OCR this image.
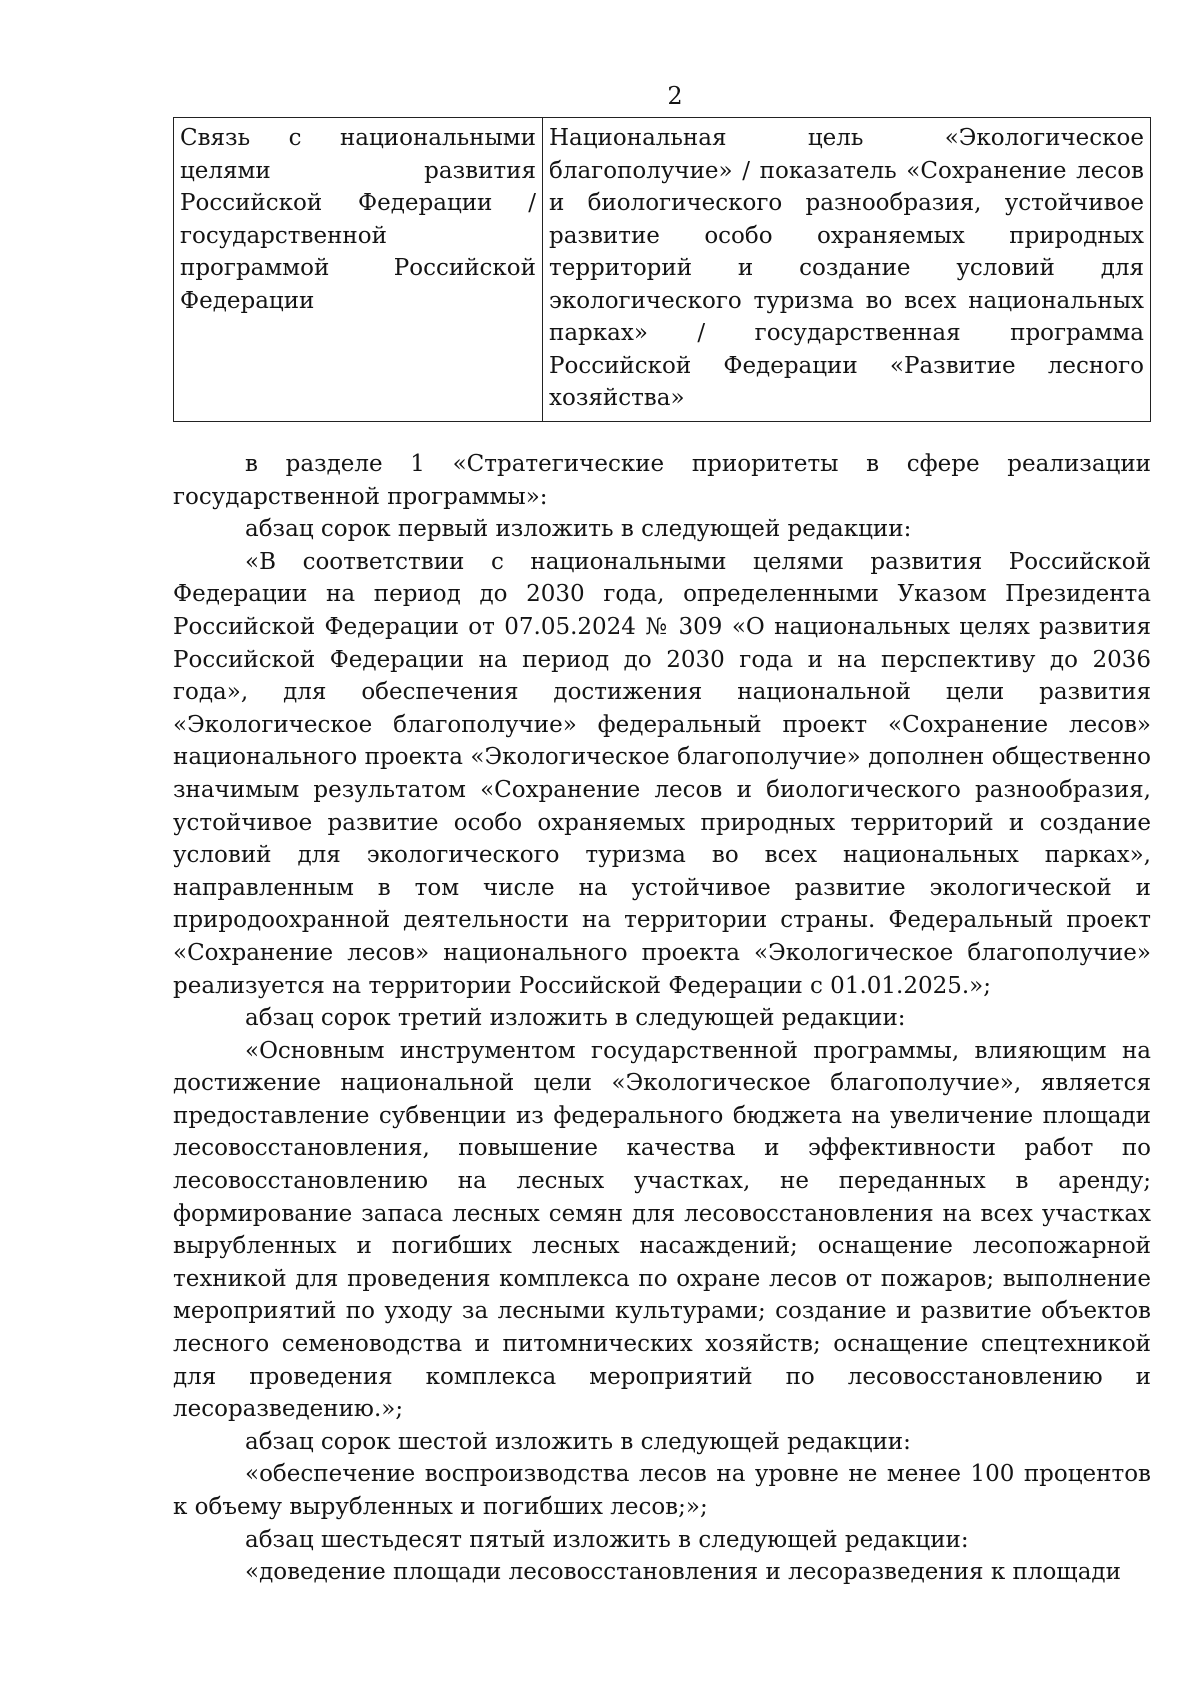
2
Связь с национальными целями развития Российской Федерации / государственной программой Российской Федерации	Национальная цель «Экологическое благополучие» / показатель «Сохранение лесов и биологического разнообразия, устойчивое развитие особо охраняемых природных территорий и создание условий для экологического туризма во всех национальных парках» / государственная программа Российской Федерации «Развитие лесного хозяйства»

в разделе 1 «Стратегические приоритеты в сфере реализации государственной программы»:

абзац сорок первый изложить в следующей редакции:

«В соответствии с национальными целями развития Российской Федерации на период до 2030 года, определенными Указом Президента Российской Федерации от 07.05.2024 № 309 «О национальных целях развития Российской Федерации на период до 2030 года и на перспективу до 2036 года», для обеспечения достижения национальной цели развития «Экологическое благополучие» федеральный проект «Сохранение лесов» национального проекта «Экологическое благополучие» дополнен общественно значимым результатом «Сохранение лесов и биологического разнообразия, устойчивое развитие особо охраняемых природных территорий и создание условий для экологического туризма во всех национальных парках», направленным в том числе на устойчивое развитие экологической и природоохранной деятельности на территории страны. Федеральный проект «Сохранение лесов» национального проекта «Экологическое благополучие» реализуется на территории Российской Федерации с 01.01.2025.»;

абзац сорок третий изложить в следующей редакции:

«Основным инструментом государственной программы, влияющим на достижение национальной цели «Экологическое благополучие», является предоставление субвенции из федерального бюджета на увеличение площади лесовосстановления, повышение качества и эффективности работ по лесовосстановлению на лесных участках, не переданных в аренду; формирование запаса лесных семян для лесовосстановления на всех участках вырубленных и погибших лесных насаждений; оснащение лесопожарной техникой для проведения комплекса по охране лесов от пожаров; выполнение мероприятий по уходу за лесными культурами; создание и развитие объектов лесного семеноводства и питомнических хозяйств; оснащение спецтехникой для проведения комплекса мероприятий по лесовосстановлению и лесоразведению.»;

абзац сорок шестой изложить в следующей редакции:

«обеспечение воспроизводства лесов на уровне не менее 100 процентов к объему вырубленных и погибших лесов;»;

абзац шестьдесят пятый изложить в следующей редакции:

«доведение площади лесовосстановления и лесоразведения к площади
